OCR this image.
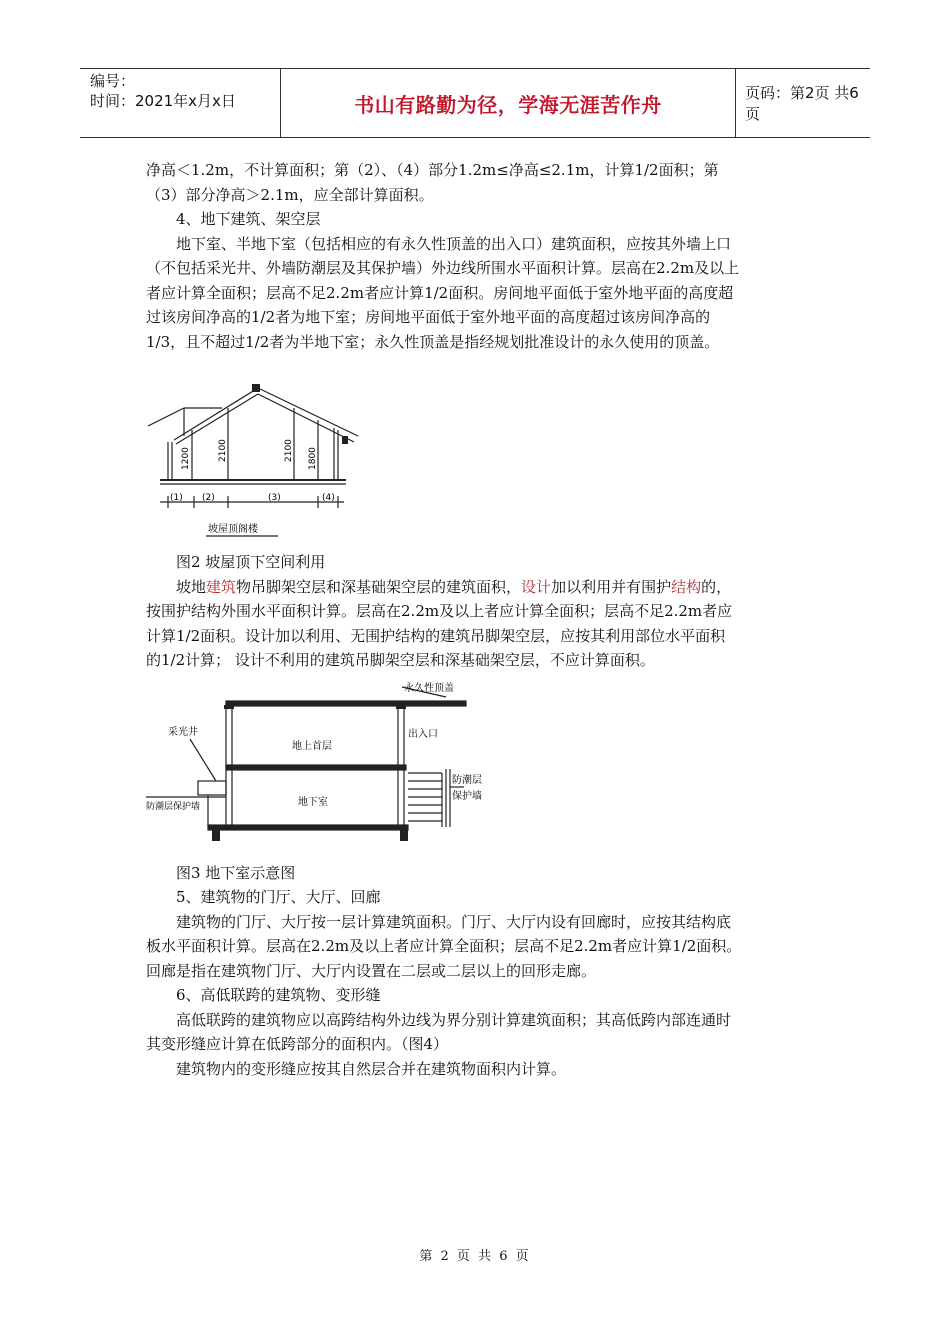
编号：
时间：2021年x月x日	书山有路勤为径，学海无涯苦作舟	页码：第2页 共6页

净高＜1.2m，不计算面积；第（2）、（4）部分1.2m≤净高≤2.1m，计算1/2面积；第

（3）部分净高＞2.1m，应全部计算面积。

4、地下建筑、架空层

地下室、半地下室（包括相应的有永久性顶盖的出入口）建筑面积，应按其外墙上口

（不包括采光井、外墙防潮层及其保护墙）外边线所围水平面积计算。层高在2.2m及以上

者应计算全面积；层高不足2.2m者应计算1/2面积。房间地平面低于室外地平面的高度超

过该房间净高的1/2者为地下室；房间地平面低于室外地平面的高度超过该房间净高的

1/3，且不超过1/2者为半地下室；永久性顶盖是指经规划批准设计的永久使用的顶盖。

1200	2100	2100 1800
(1) (2)	(3)	(4)
坡屋顶阁楼

图2 坡屋顶下空间利用

坡地建筑物吊脚架空层和深基础架空层的建筑面积，设计加以利用并有围护结构的，

按围护结构外围水平面积计算。层高在2.2m及以上者应计算全面积；层高不足2.2m者应

计算1/2面积。设计加以利用、无围护结构的建筑吊脚架空层，应按其利用部位水平面积

的1/2计算； 设计不利用的建筑吊脚架空层和深基础架空层，不应计算面积。

永久性顶盖
采光井
地上首层
出入口
地下室
防潮层
保护墙
防潮层保护墙

图3 地下室示意图

5、建筑物的门厅、大厅、回廊

建筑物的门厅、大厅按一层计算建筑面积。门厅、大厅内设有回廊时，应按其结构底

板水平面积计算。层高在2.2m及以上者应计算全面积；层高不足2.2m者应计算1/2面积。

回廊是指在建筑物门厅、大厅内设置在二层或二层以上的回形走廊。

6、高低联跨的建筑物、变形缝

高低联跨的建筑物应以高跨结构外边线为界分别计算建筑面积；其高低跨内部连通时

其变形缝应计算在低跨部分的面积内。（图4）

建筑物内的变形缝应按其自然层合并在建筑物面积内计算。

第 2 页 共 6 页
